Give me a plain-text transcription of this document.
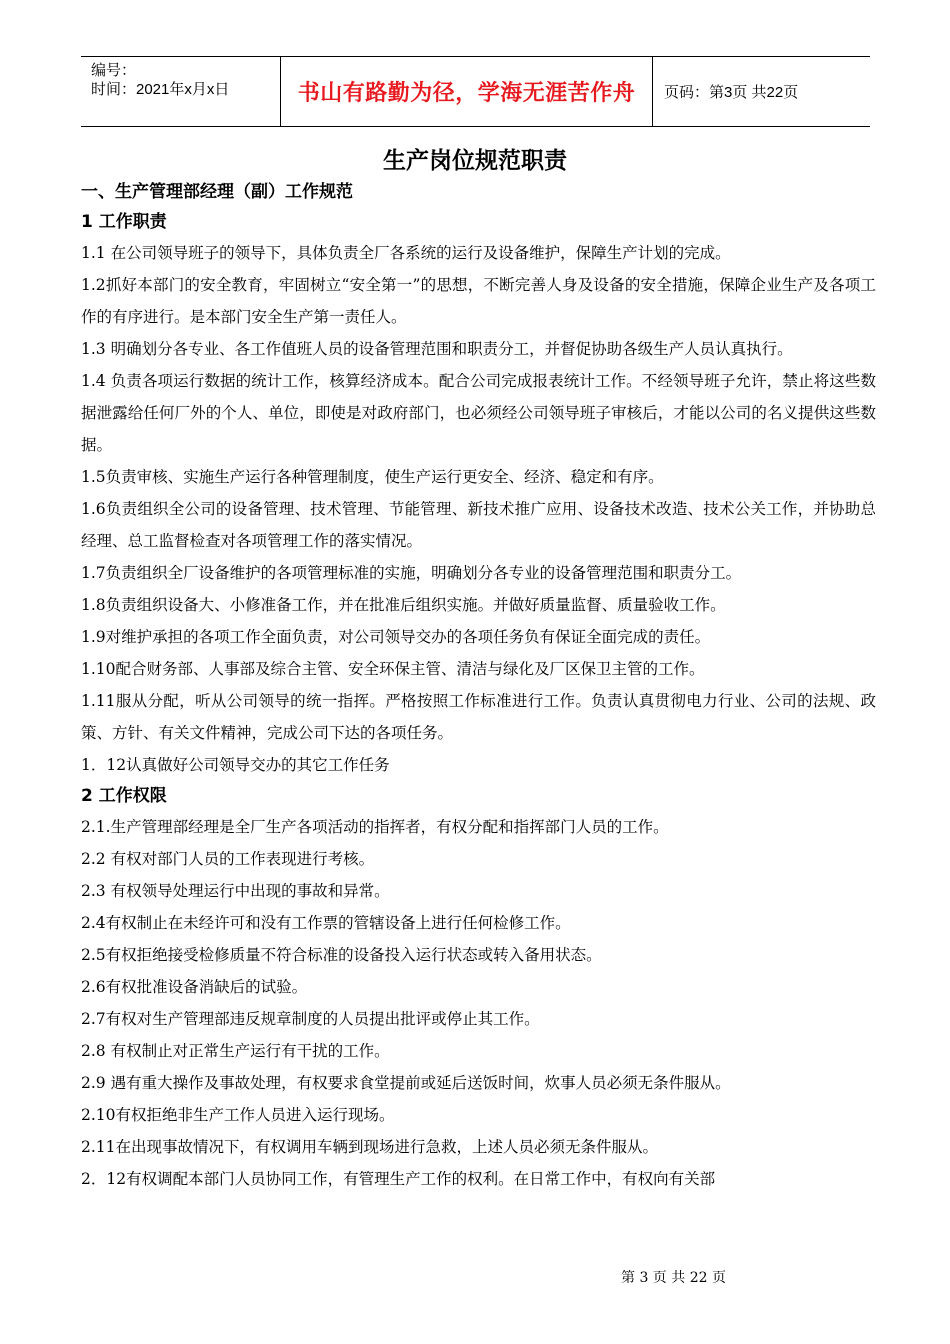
编号：
时间：2021年x月x日	书山有路勤为径，学海无涯苦作舟 页码：第3页 共22页
生产岗位规范职责
一、生产管理部经理（副）工作规范
1 工作职责

1.1 在公司领导班子的领导下，具体负责全厂各系统的运行及设备维护，保障生产计划的完成。

1.2抓好本部门的安全教育，牢固树立“安全第一”的思想，不断完善人身及设备的安全措施，保障企业生产及各项工作的有序进行。是本部门安全生产第一责任人。

1.3 明确划分各专业、各工作值班人员的设备管理范围和职责分工，并督促协助各级生产人员认真执行。

1.4 负责各项运行数据的统计工作，核算经济成本。配合公司完成报表统计工作。不经领导班子允许，禁止将这些数据泄露给任何厂外的个人、单位，即使是对政府部门，也必须经公司领导班子审核后，才能以公司的名义提供这些数据。

1.5负责审核、实施生产运行各种管理制度，使生产运行更安全、经济、稳定和有序。

1.6负责组织全公司的设备管理、技术管理、节能管理、新技术推广应用、设备技术改造、技术公关工作，并协助总经理、总工监督检查对各项管理工作的落实情况。

1.7负责组织全厂设备维护的各项管理标准的实施，明确划分各专业的设备管理范围和职责分工。

1.8负责组织设备大、小修准备工作，并在批准后组织实施。并做好质量监督、质量验收工作。

1.9对维护承担的各项工作全面负责，对公司领导交办的各项任务负有保证全面完成的责任。

1.10配合财务部、人事部及综合主管、安全环保主管、清洁与绿化及厂区保卫主管的工作。

1.11服从分配，听从公司领导的统一指挥。严格按照工作标准进行工作。负责认真贯彻电力行业、公司的法规、政策、方针、有关文件精神，完成公司下达的各项任务。

1．12认真做好公司领导交办的其它工作任务

2 工作权限

2.1.生产管理部经理是全厂生产各项活动的指挥者，有权分配和指挥部门人员的工作。

2.2 有权对部门人员的工作表现进行考核。

2.3 有权领导处理运行中出现的事故和异常。

2.4有权制止在未经许可和没有工作票的管辖设备上进行任何检修工作。

2.5有权拒绝接受检修质量不符合标准的设备投入运行状态或转入备用状态。

2.6有权批准设备消缺后的试验。

2.7有权对生产管理部违反规章制度的人员提出批评或停止其工作。

2.8 有权制止对正常生产运行有干扰的工作。

2.9 遇有重大操作及事故处理，有权要求食堂提前或延后送饭时间，炊事人员必须无条件服从。

2.10有权拒绝非生产工作人员进入运行现场。

2.11在出现事故情况下，有权调用车辆到现场进行急救，上述人员必须无条件服从。

2．12有权调配本部门人员协同工作，有管理生产工作的权利。在日常工作中，有权向有关部

第 3 页 共 22 页
